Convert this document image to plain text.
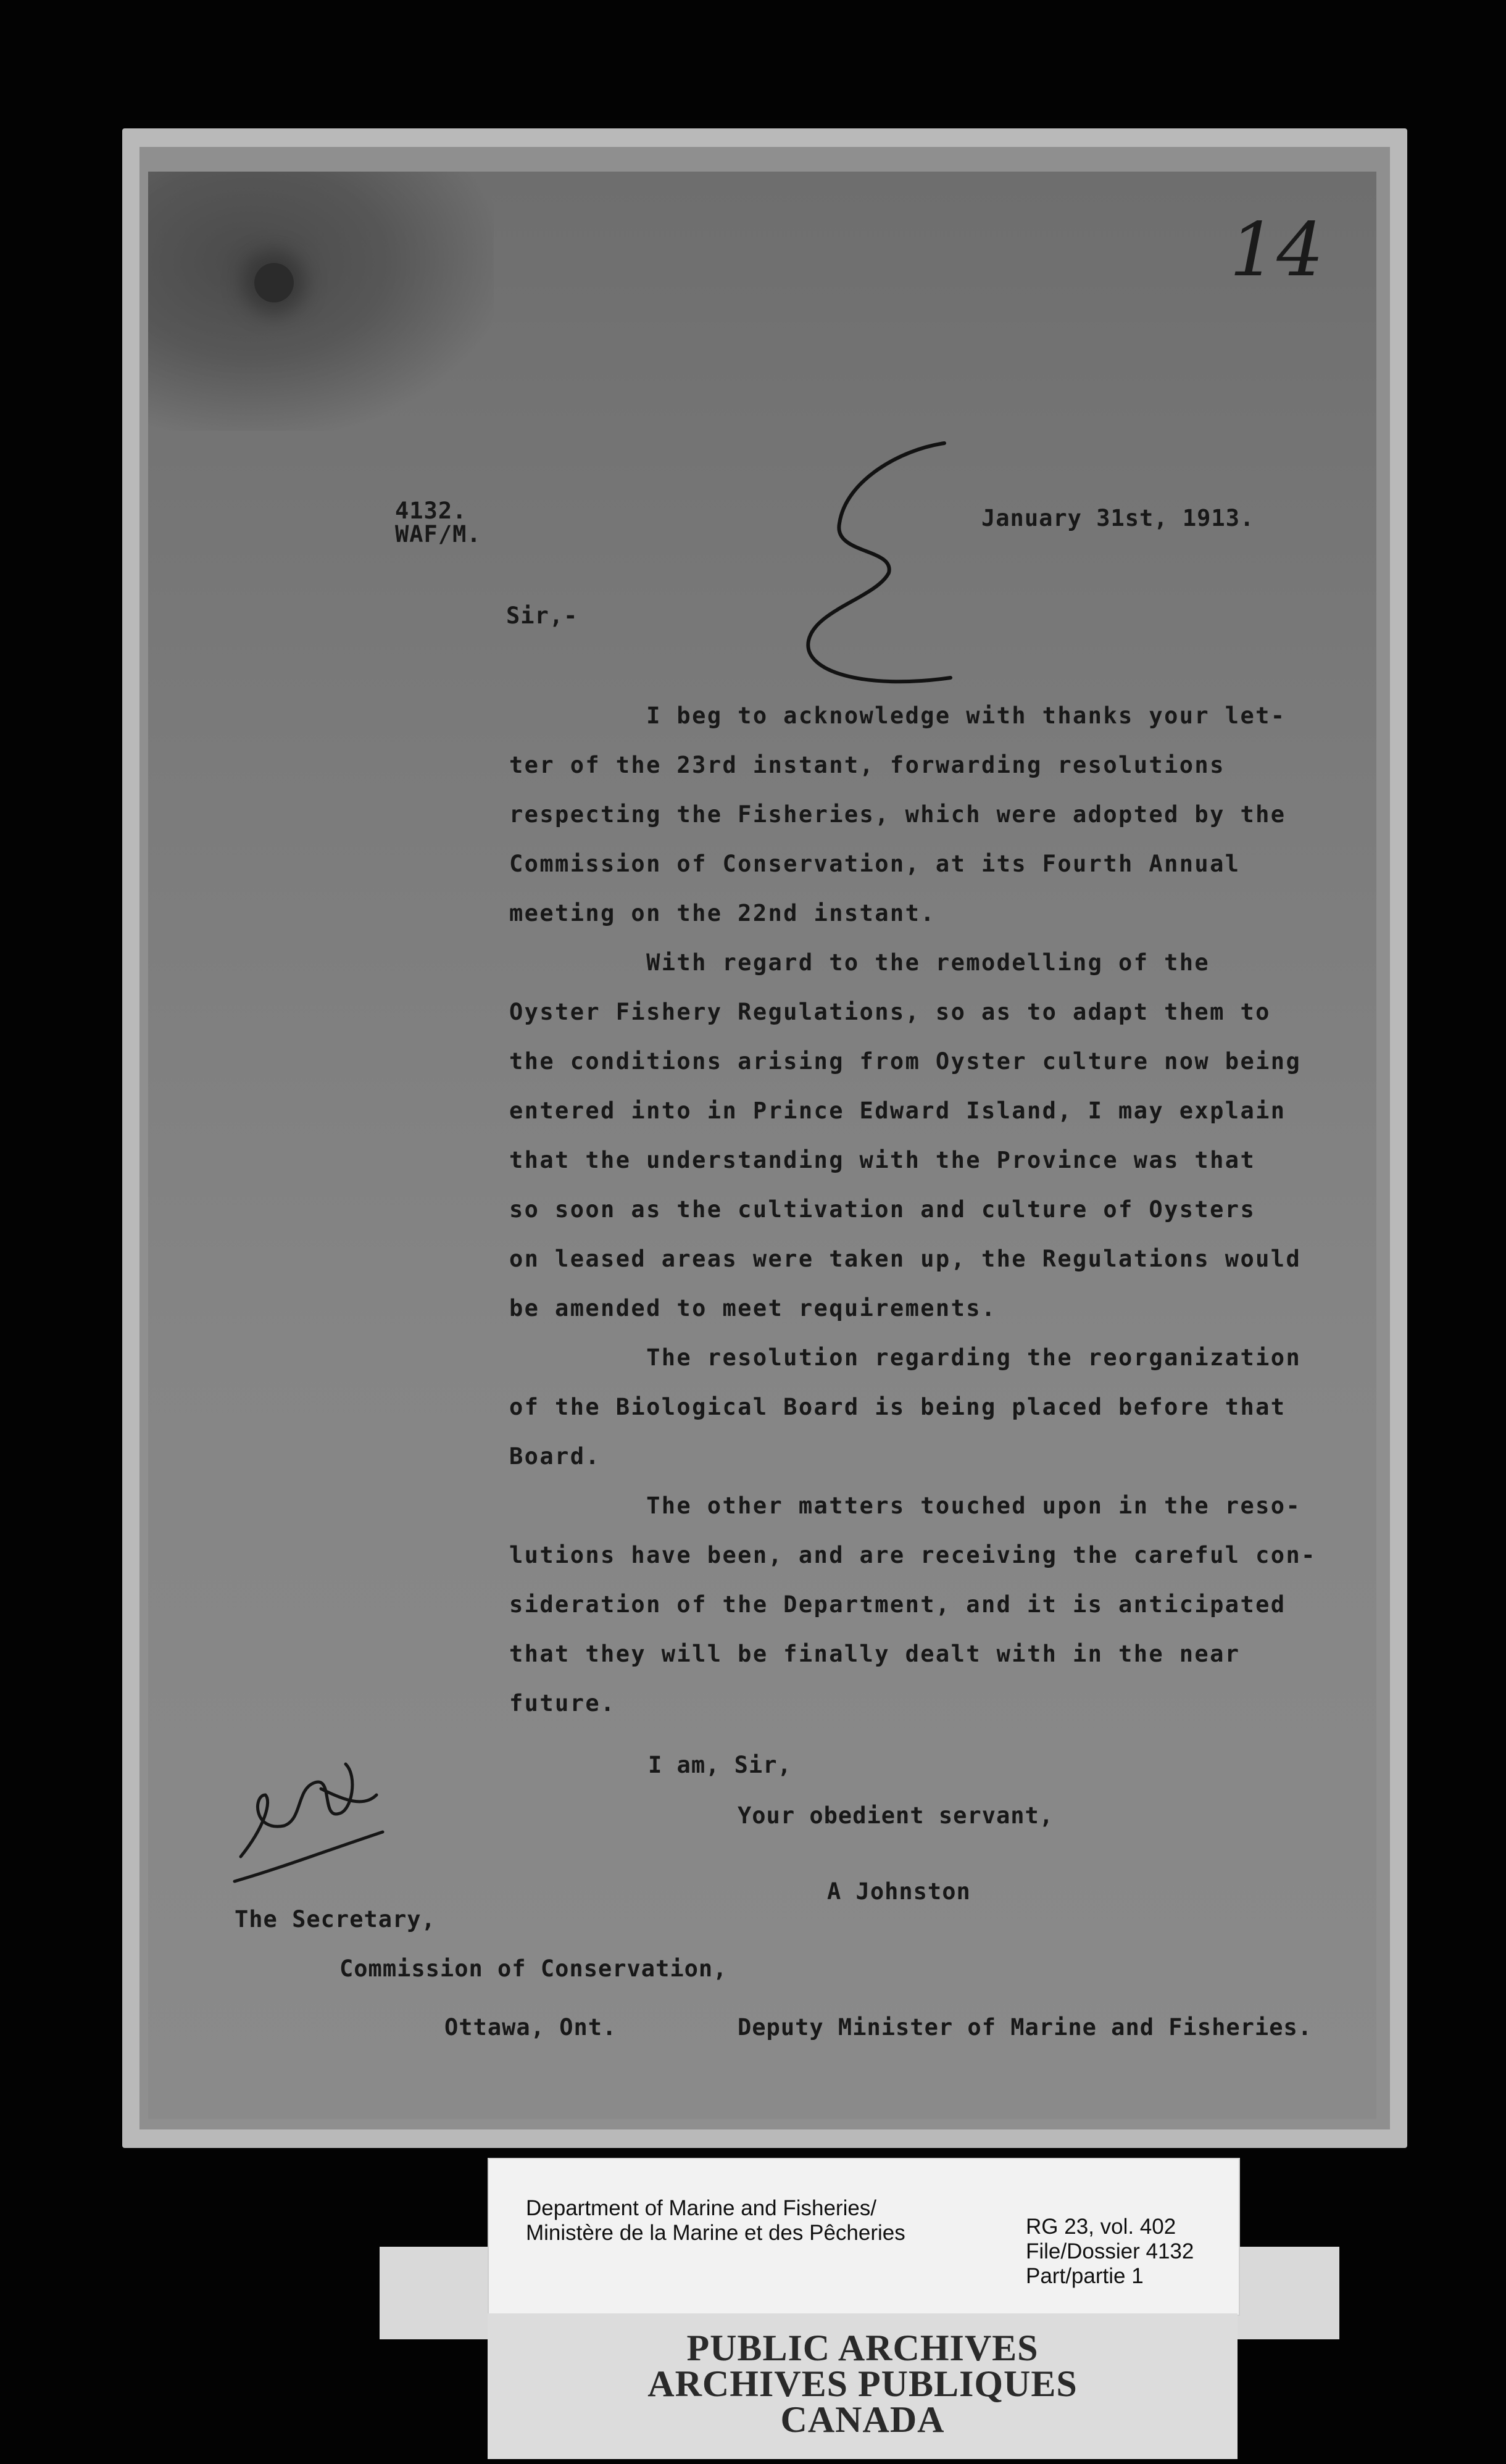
14
4132.
WAF/M.
January 31st, 1913.
Sir,-
I beg to acknowledge with thanks your let-
ter of the 23rd instant, forwarding resolutions
respecting the Fisheries, which were adopted by the
Commission of Conservation, at its Fourth Annual
meeting on the 22nd instant.
With regard to the remodelling of the
Oyster Fishery Regulations, so as to adapt them to
the conditions arising from Oyster culture now being
entered into in Prince Edward Island, I may explain
that the understanding with the Province was that
so soon as the cultivation and culture of Oysters
on leased areas were taken up, the Regulations would
be amended to meet requirements.
The resolution regarding the reorganization
of the Biological Board is being placed before that
Board.
The other matters touched upon in the reso-
lutions have been, and are receiving the careful con-
sideration of the Department, and it is anticipated
that they will be finally dealt with in the near
future.
I am, Sir,
Your obedient servant,
A Johnston
The Secretary,
Commission of Conservation,
Ottawa, Ont.	Deputy Minister of Marine and Fisheries.
Department of Marine and Fisheries/
Ministère de la Marine et des Pêcheries	RG 23, vol. 402
File/Dossier 4132
Part/partie 1
PUBLIC ARCHIVES
ARCHIVES PUBLIQUES
CANADA
